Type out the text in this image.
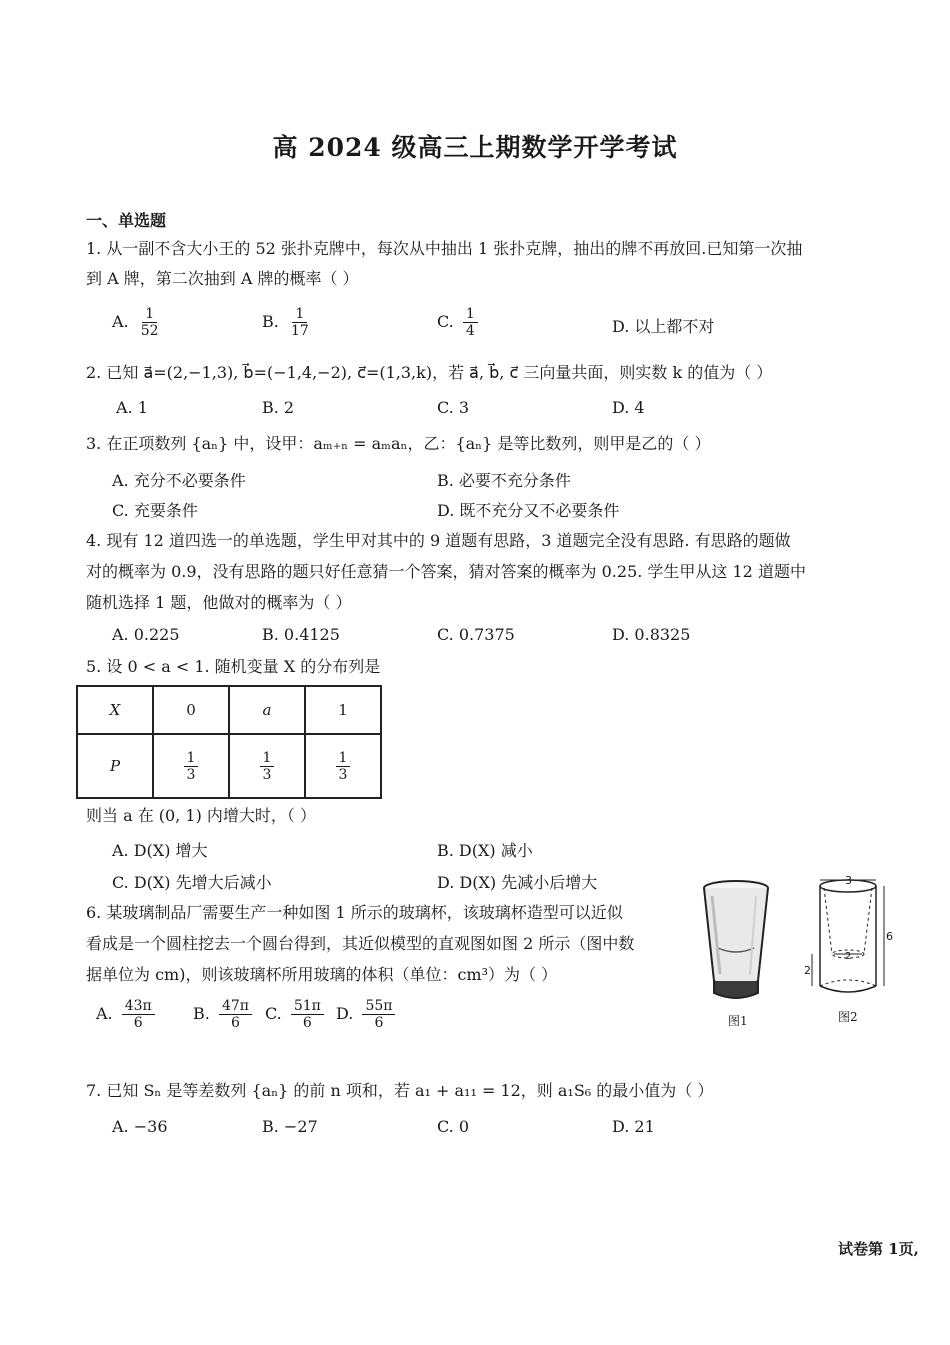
高 2024 级高三上期数学开学考试
一、单选题
1. 从一副不含大小王的 52 张扑克牌中，每次从中抽出 1 张扑克牌，抽出的牌不再放回.已知第一次抽
到 A 牌，第二次抽到 A 牌的概率（ ）
A. $\frac{1}{52}$	B. $\frac{1}{17}$	C. $\frac{1}{4}$	D. 以上都不对
2. 已知 a⃗=(2,−1,3), b⃗=(−1,4,−2), c⃗=(1,3,k)，若 a⃗, b⃗, c⃗ 三向量共面，则实数 k 的值为（ ）
A. 1	B. 2	C. 3	D. 4
3. 在正项数列 {aₙ} 中，设甲：aₘ₊ₙ = aₘaₙ，乙：{aₙ} 是等比数列，则甲是乙的（ ）
A. 充分不必要条件	B. 必要不充分条件
C. 充要条件	D. 既不充分又不必要条件
4. 现有 12 道四选一的单选题，学生甲对其中的 9 道题有思路，3 道题完全没有思路. 有思路的题做
对的概率为 0.9，没有思路的题只好任意猜一个答案，猜对答案的概率为 0.25. 学生甲从这 12 道题中
随机选择 1 题，他做对的概率为（ ）
A. 0.225	B. 0.4125	C. 0.7375	D. 0.8325
5. 设 0 < a < 1. 随机变量 X 的分布列是
X	0	a	1
P	$\frac{1}{3}$	$\frac{1}{3}$	$\frac{1}{3}$
则当 a 在 (0, 1) 内增大时，（ ）
A. D(X) 增大	B. D(X) 减小
C. D(X) 先增大后减小	D. D(X) 先减小后增大
6. 某玻璃制品厂需要生产一种如图 1 所示的玻璃杯，该玻璃杯造型可以近似
看成是一个圆柱挖去一个圆台得到，其近似模型的直观图如图 2 所示（图中数
据单位为 cm)，则该玻璃杯所用玻璃的体积（单位：cm³）为（ ）
A. $\frac{43\pi}{6} B$. $\frac{47\pi}{6} C$. $\frac{51\pi}{6} D$. $\frac{55\pi}{6}$	图1
3
2
2
6
图2
7. 已知 Sₙ 是等差数列 {aₙ} 的前 n 项和，若 a₁ + a₁₁ = 12，则 a₁S₆ 的最小值为（ ）
A. −36	B. −27	C. 0	D. 21
试卷第 1页,
